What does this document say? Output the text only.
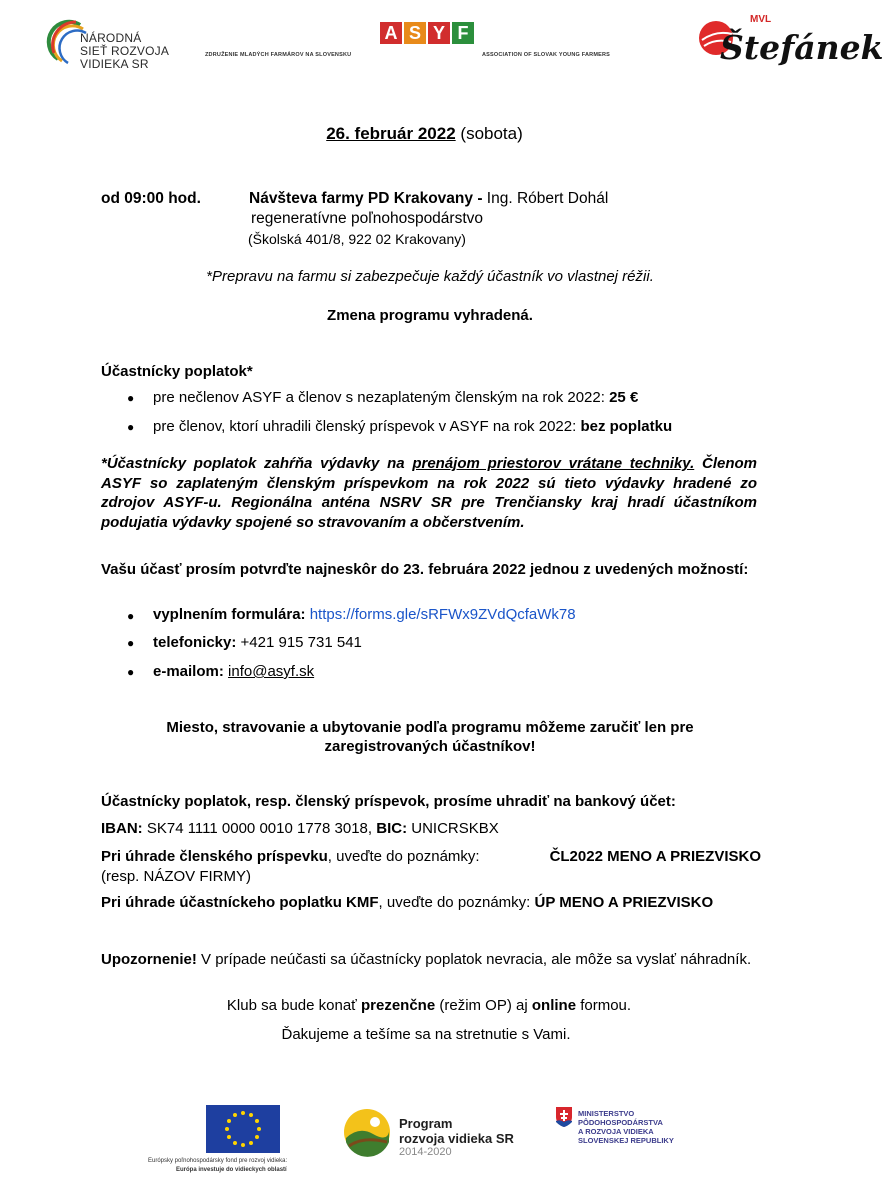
NÁRODNÁ
SIEŤ ROZVOJA
VIDIEKA SR
A S Y F
ZDRUŽENIE MLADÝCH FARMÁROV NA SLOVENSKU	ASSOCIATION OF SLOVAK YOUNG FARMERS
MVL
Štefánek
26. február 2022 (sobota)
od 09:00 hod.	Návšteva farmy PD Krakovany - Ing. Róbert Dohál
regeneratívne poľnohospodárstvo
(Školská 401/8, 922 02 Krakovany)
*Prepravu na farmu si zabezpečuje každý účastník vo vlastnej réžii.
Zmena programu vyhradená.
Účastnícky poplatok*
● pre nečlenov ASYF a členov s nezaplateným členským na rok 2022: 25 €
● pre členov, ktorí uhradili členský príspevok v ASYF na rok 2022: bez poplatku
*Účastnícky poplatok zahŕňa výdavky na prenájom priestorov vrátane techniky. Členom ASYF so zaplateným členským príspevkom na rok 2022 sú tieto výdavky hradené zo zdrojov ASYF-u. Regionálna anténa NSRV SR pre Trenčiansky kraj hradí účastníkom podujatia výdavky spojené so stravovaním a občerstvením.
Vašu účasť prosím potvrďte najneskôr do 23. februára 2022 jednou z uvedených možností:
● vyplnením formulára: https://forms.gle/sRFWx9ZVdQcfaWk78
● telefonicky: +421 915 731 541
● e-mailom: info@asyf.sk
Miesto, stravovanie a ubytovanie podľa programu môžeme zaručiť len pre
zaregistrovaných účastníkov!
Účastnícky poplatok, resp. členský príspevok, prosíme uhradiť na bankový účet:
IBAN: SK74 1111 0000 0010 1778 3018, BIC: UNICRSKBX
Pri úhrade členského príspevku, uveďte do poznámky:	ČL2022 MENO A PRIEZVISKO
(resp. NÁZOV FIRMY)
Pri úhrade účastníckeho poplatku KMF, uveďte do poznámky: ÚP MENO A PRIEZVISKO
Upozornenie! V prípade neúčasti sa účastnícky poplatok nevracia, ale môže sa vyslať náhradník.
Klub sa bude konať prezenčne (režim OP) aj online formou.
Ďakujeme a tešíme sa na stretnutie s Vami.
Európsky poľnohospodársky fond pre rozvoj vidieka:
Európa investuje do vidieckych oblastí
Program
rozvoja vidieka SR
2014-2020
MINISTERSTVO
PÔDOHOSPODÁRSTVA
A ROZVOJA VIDIEKA
SLOVENSKEJ REPUBLIKY
